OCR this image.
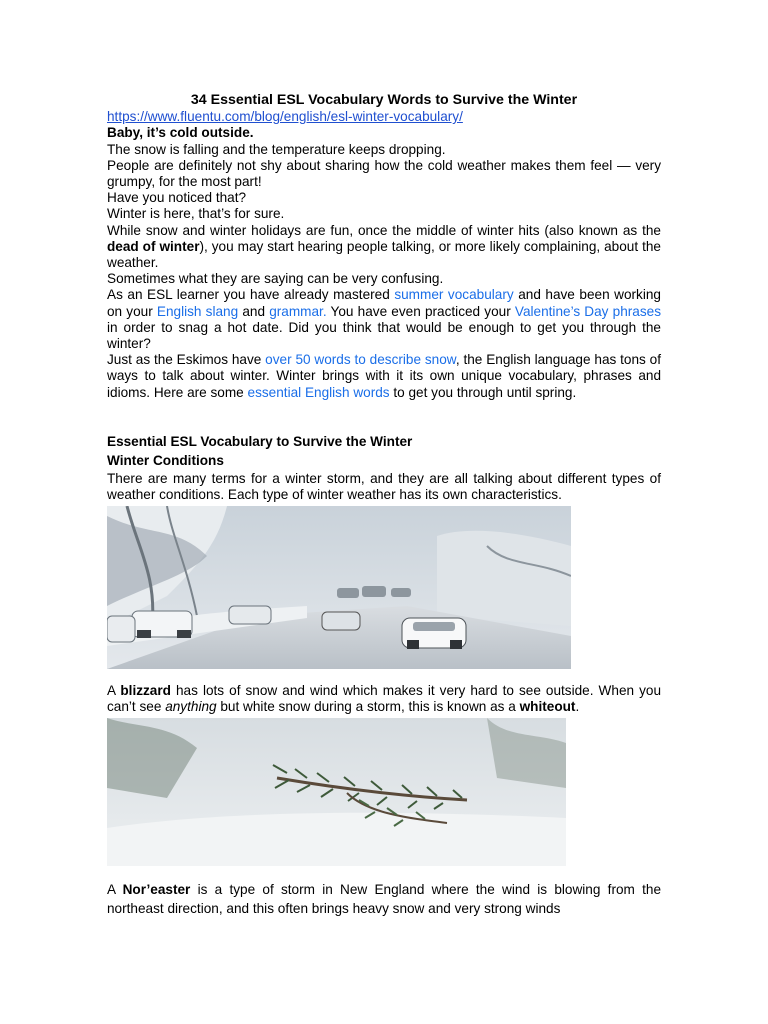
34 Essential ESL Vocabulary Words to Survive the Winter

https://www.fluentu.com/blog/english/esl-winter-vocabulary/

Baby, it’s cold outside.

The snow is falling and the temperature keeps dropping.

People are definitely not shy about sharing how the cold weather makes them feel — very grumpy, for the most part!

Have you noticed that?

Winter is here, that’s for sure.

While snow and winter holidays are fun, once the middle of winter hits (also known as the dead of winter), you may start hearing people talking, or more likely complaining, about the weather.

Sometimes what they are saying can be very confusing.

As an ESL learner you have already mastered summer vocabulary and have been working on your English slang and grammar. You have even practiced your Valentine’s Day phrases in order to snag a hot date. Did you think that would be enough to get you through the winter?

Just as the Eskimos have over 50 words to describe snow, the English language has tons of ways to talk about winter. Winter brings with it its own unique vocabulary, phrases and idioms. Here are some essential English words to get you through until spring.

Essential ESL Vocabulary to Survive the Winter

Winter Conditions

There are many terms for a winter storm, and they are all talking about different types of weather conditions. Each type of winter weather has its own characteristics.

A blizzard has lots of snow and wind which makes it very hard to see outside. When you can’t see anything but white snow during a storm, this is known as a whiteout.

A Nor’easter is a type of storm in New England where the wind is blowing from the northeast direction, and this often brings heavy snow and very strong winds
